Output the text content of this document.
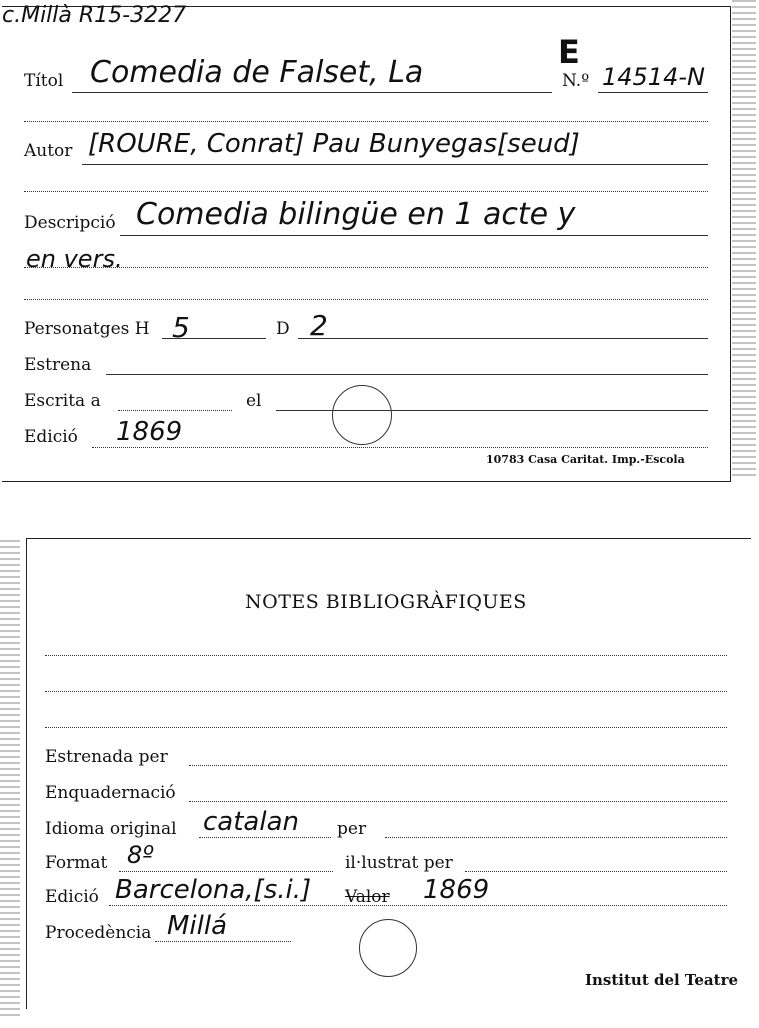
c.Millà R15-3227
Títol Comedia de Falset, La
E
N.º 14514-N
Autor [ROURE, Conrat] Pau Bunyegas[seud]
Descripció Comedia bilingüe en 1 acte y
en vers.
Personatges H 5	D 2
Estrena
Escrita a	el
Edició 1869
10783 Casa Caritat. Imp.-Escola
NOTES BIBLIOGRÀFIQUES
Estrenada per
Enquadernació
Idioma original catalan per
Format 8º	il·lustrat per
Edició Barcelona,[s.i.] Valor 1869
Procedència Millá
Institut del Teatre
